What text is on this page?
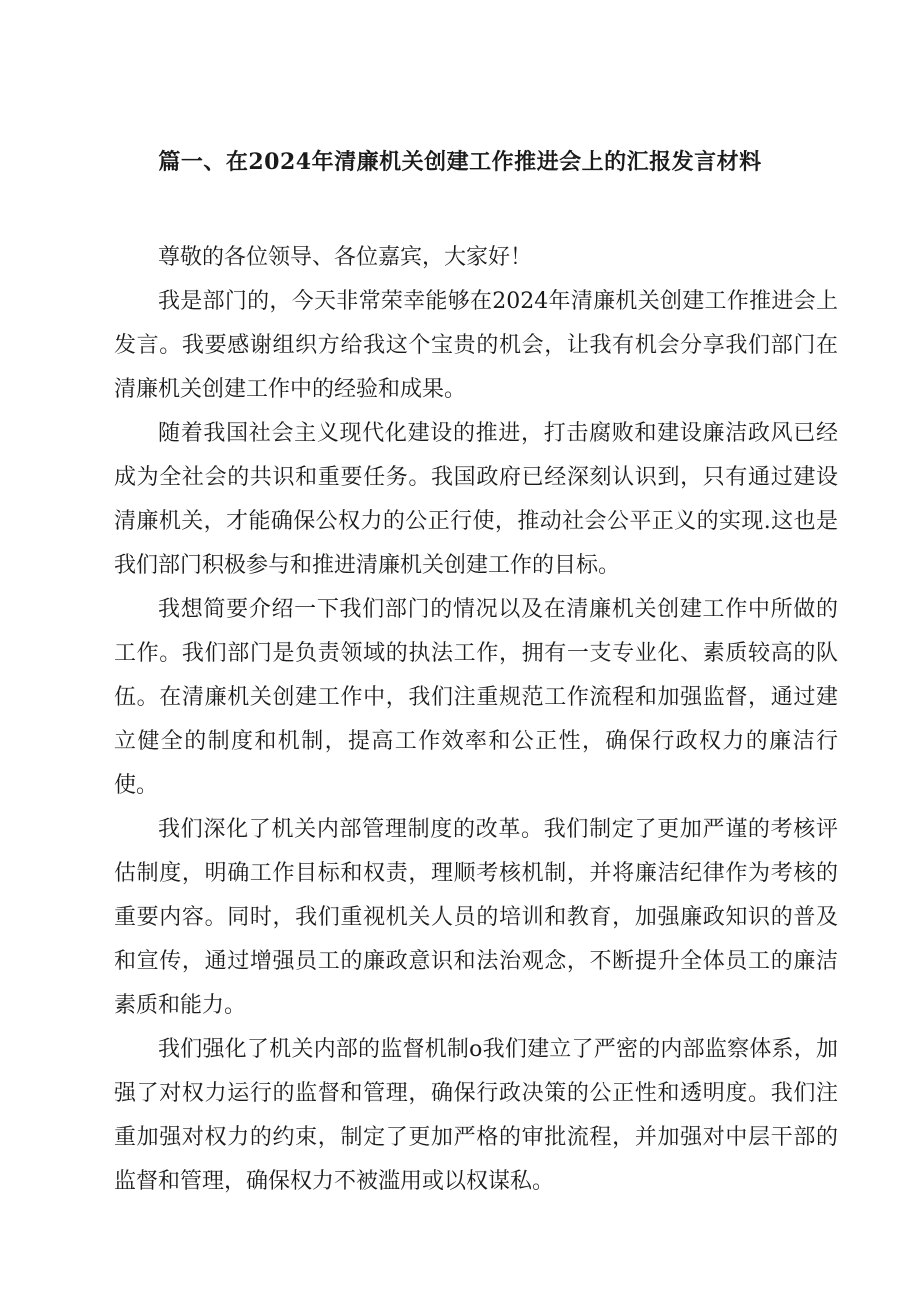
篇一、在2024年清廉机关创建工作推进会上的汇报发言材料

尊敬的各位领导、各位嘉宾，大家好！

我是部门的，今天非常荣幸能够在2024年清廉机关创建工作推进会上发言。我要感谢组织方给我这个宝贵的机会，让我有机会分享我们部门在清廉机关创建工作中的经验和成果。

随着我国社会主义现代化建设的推进，打击腐败和建设廉洁政风已经成为全社会的共识和重要任务。我国政府已经深刻认识到，只有通过建设清廉机关，才能确保公权力的公正行使，推动社会公平正义的实现.这也是我们部门积极参与和推进清廉机关创建工作的目标。

我想简要介绍一下我们部门的情况以及在清廉机关创建工作中所做的工作。我们部门是负责领域的执法工作，拥有一支专业化、素质较高的队伍。在清廉机关创建工作中，我们注重规范工作流程和加强监督，通过建立健全的制度和机制，提高工作效率和公正性，确保行政权力的廉洁行使。

我们深化了机关内部管理制度的改革。我们制定了更加严谨的考核评估制度，明确工作目标和权责，理顺考核机制，并将廉洁纪律作为考核的重要内容。同时，我们重视机关人员的培训和教育，加强廉政知识的普及和宣传，通过增强员工的廉政意识和法治观念，不断提升全体员工的廉洁素质和能力。

我们强化了机关内部的监督机制o我们建立了严密的内部监察体系，加强了对权力运行的监督和管理，确保行政决策的公正性和透明度。我们注重加强对权力的约束，制定了更加严格的审批流程，并加强对中层干部的监督和管理，确保权力不被滥用或以权谋私。
